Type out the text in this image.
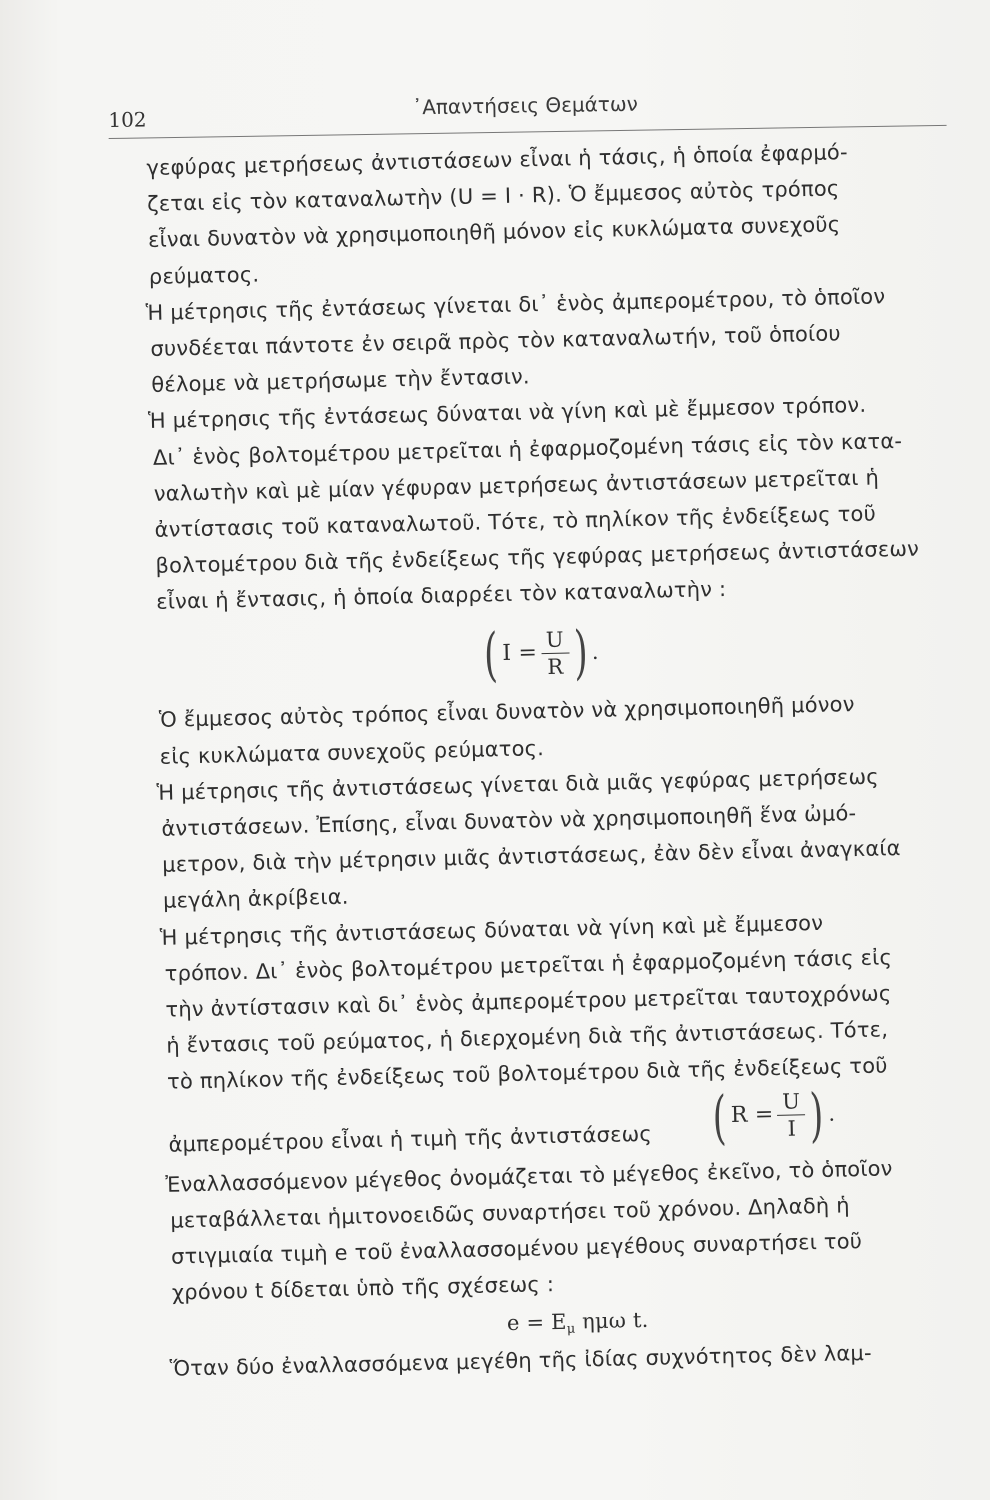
102
᾿Απαντήσεις Θεμάτων
γεφύρας μετρήσεως ἀντιστάσεων εἶναι ἡ τάσις, ἡ ὁποία ἐφαρμό-
ζεται εἰς τὸν καταναλωτὴν (U = I · R). Ὁ ἔμμεσος αὐτὸς τρόπος
εἶναι δυνατὸν νὰ χρησιμοποιηθῆ μόνον εἰς κυκλώματα συνεχοῦς
ρεύματος.
Ἡ μέτρησις τῆς ἐντάσεως γίνεται δι᾿ ἑνὸς ἀμπερομέτρου, τὸ ὁποῖον
συνδέεται πάντοτε ἐν σειρᾶ πρὸς τὸν καταναλωτήν, τοῦ ὁποίου
θέλομε νὰ μετρήσωμε τὴν ἔντασιν.
Ἡ μέτρησις τῆς ἐντάσεως δύναται νὰ γίνη καὶ μὲ ἔμμεσον τρόπον.
Δι᾿ ἑνὸς βολτομέτρου μετρεῖται ἡ ἐφαρμοζομένη τάσις εἰς τὸν κατα-
ναλωτὴν καὶ μὲ μίαν γέφυραν μετρήσεως ἀντιστάσεων μετρεῖται ἡ
ἀντίστασις τοῦ καταναλωτοῦ. Τότε, τὸ πηλίκον τῆς ἐνδείξεως τοῦ
βολτομέτρου διὰ τῆς ἐνδείξεως τῆς γεφύρας μετρήσεως ἀντιστάσεων
εἶναι ἡ ἔντασις, ἡ ὁποία διαρρέει τὸν καταναλωτὴν :
( $I = \frac{U}{R}$ ) .
Ὁ ἔμμεσος αὐτὸς τρόπος εἶναι δυνατὸν νὰ χρησιμοποιηθῆ μόνον
εἰς κυκλώματα συνεχοῦς ρεύματος.
Ἡ μέτρησις τῆς ἀντιστάσεως γίνεται διὰ μιᾶς γεφύρας μετρήσεως
ἀντιστάσεων. Ἐπίσης, εἶναι δυνατὸν νὰ χρησιμοποιηθῆ ἕνα ὠμό-
μετρον, διὰ τὴν μέτρησιν μιᾶς ἀντιστάσεως, ἐὰν δὲν εἶναι ἀναγκαία
μεγάλη ἀκρίβεια.
Ἡ μέτρησις τῆς ἀντιστάσεως δύναται νὰ γίνη καὶ μὲ ἔμμεσον
τρόπον. Δι᾿ ἑνὸς βολτομέτρου μετρεῖται ἡ ἐφαρμοζομένη τάσις εἰς
τὴν ἀντίστασιν καὶ δι᾿ ἑνὸς ἀμπερομέτρου μετρεῖται ταυτοχρόνως
ἡ ἔντασις τοῦ ρεύματος, ἡ διερχομένη διὰ τῆς ἀντιστάσεως. Τότε,
τὸ πηλίκον τῆς ἐνδείξεως τοῦ βολτομέτρου διὰ τῆς ἐνδείξεως τοῦ
ἀμπερομέτρου εἶναι ἡ τιμὴ τῆς ἀντιστάσεως ( $R = \frac{U}{I}$ ) .
Ἐναλλασσόμενον μέγεθος ὀνομάζεται τὸ μέγεθος ἐκεῖνο, τὸ ὁποῖον
μεταβάλλεται ἡμιτονοειδῶς συναρτήσει τοῦ χρόνου. Δηλαδὴ ἡ
στιγμιαία τιμὴ e τοῦ ἐναλλασσομένου μεγέθους συναρτήσει τοῦ
χρόνου t δίδεται ὑπὸ τῆς σχέσεως :
$e = E_\mu$ ημω t.
Ὅταν δύο ἐναλλασσόμενα μεγέθη τῆς ἰδίας συχνότητος δὲν λαμ-
